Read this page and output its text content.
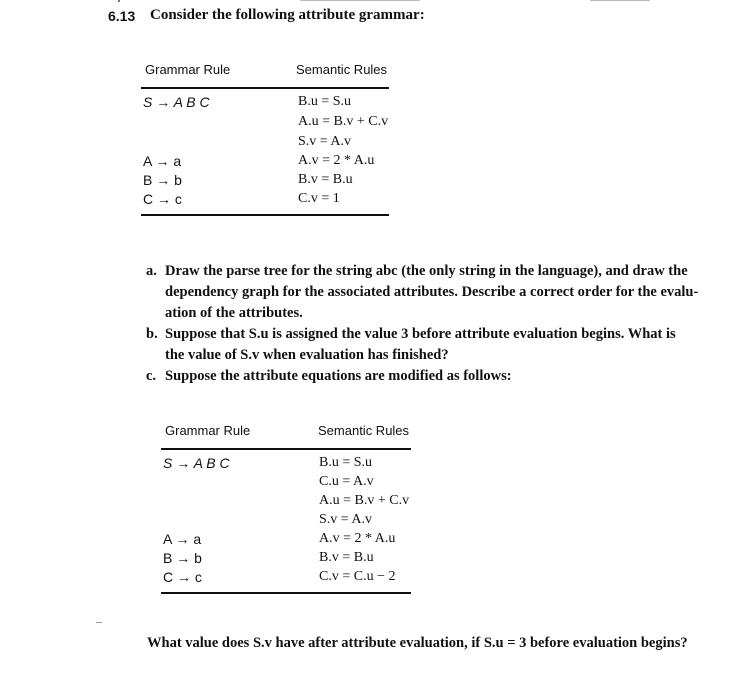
6.13 Consider the following attribute grammar:
Grammar Rule	Semantic Rules
S → A B C	B.u = S.u
A.u = B.v + C.v
S.v = A.v
A → a	A.v = 2 * A.u
B → b	B.v = B.u
C → c	C.v = 1
a. Draw the parse tree for the string abc (the only string in the language), and draw the
dependency graph for the associated attributes. Describe a correct order for the evalu-
ation of the attributes.
b. Suppose that S.u is assigned the value 3 before attribute evaluation begins. What is
the value of S.v when evaluation has finished?
c. Suppose the attribute equations are modified as follows:
Grammar Rule	Semantic Rules
S → A B C	B.u = S.u
C.u = A.v
A.u = B.v + C.v
S.v = A.v
A → a	A.v = 2 * A.u
B → b	B.v = B.u
C → c	C.v = C.u − 2
What value does S.v have after attribute evaluation, if S.u = 3 before evaluation begins?
